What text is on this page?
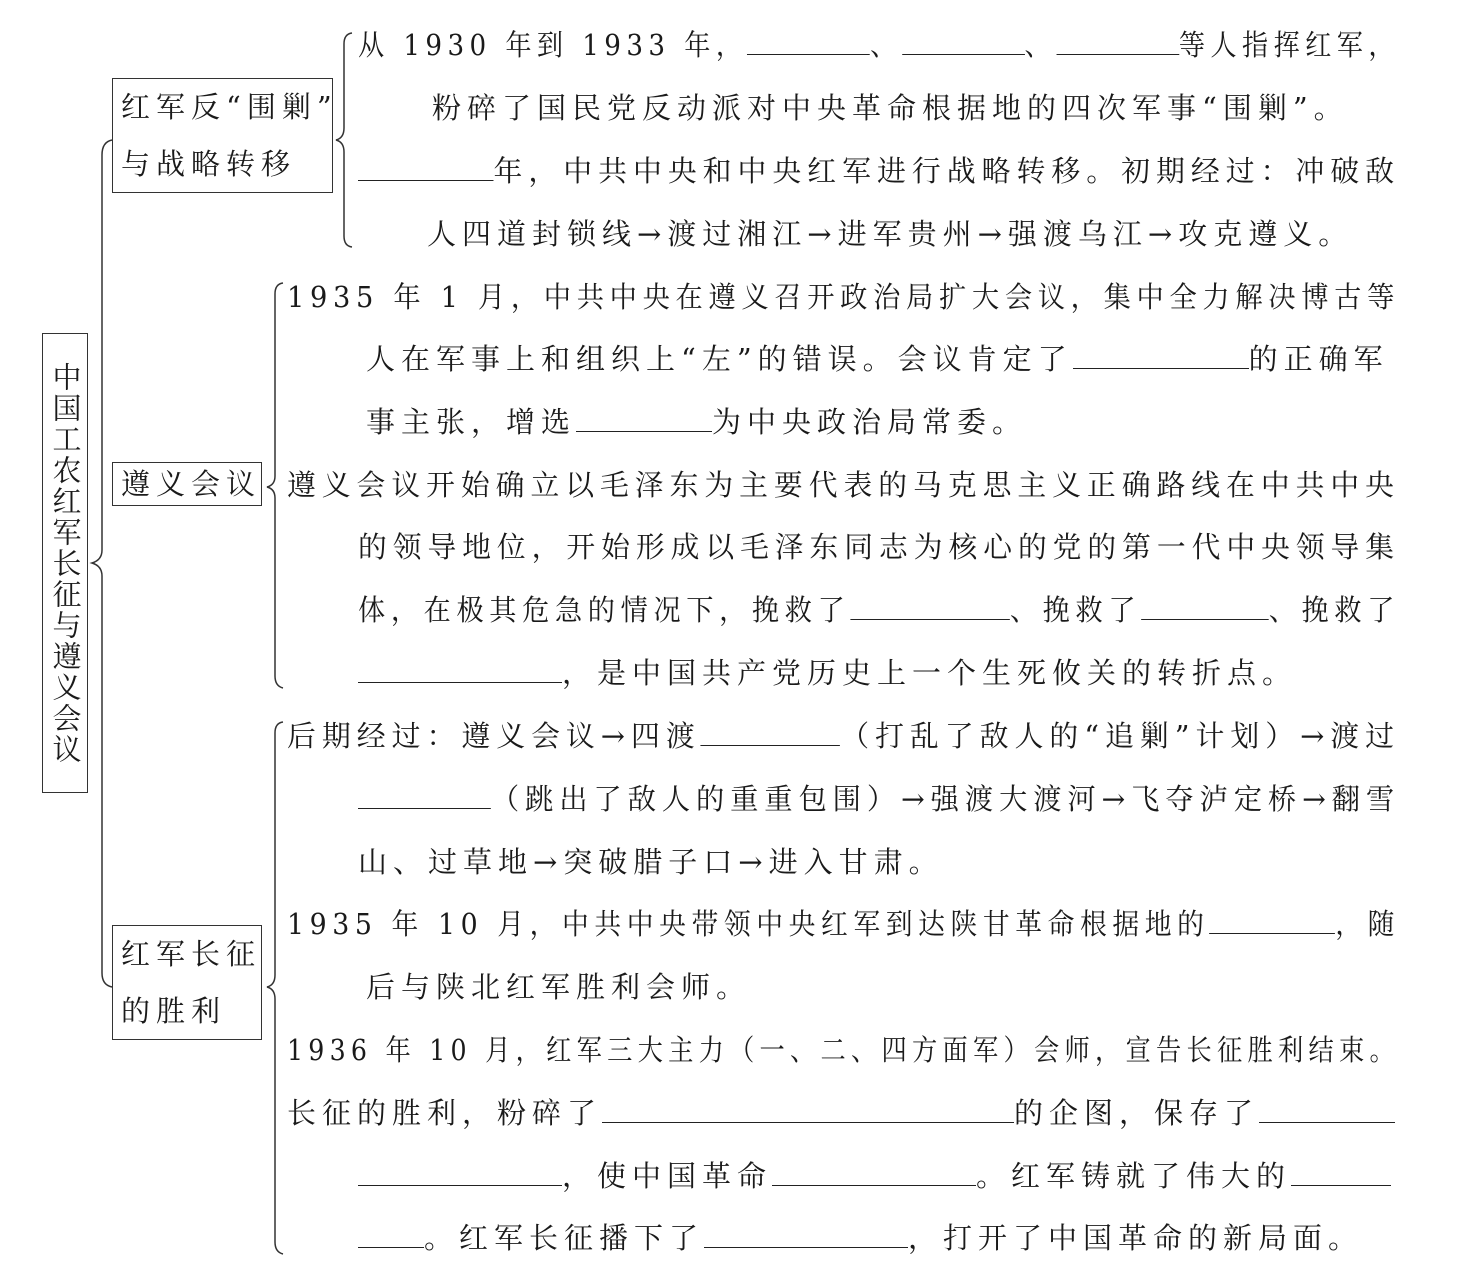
中国工农红军长征与遵义会议
红军反“围剿”
与战略转移
遵义会议
红军长征
的胜利
从 1930 年到 1933 年，	、	、	等人指挥红军，
粉碎了国民党反动派对中央革命根据地的四次军事“围剿”。
年，中共中央和中央红军进行战略转移。初期经过：冲破敌
人四道封锁线→渡过湘江→进军贵州→强渡乌江→攻克遵义。
1935 年 1 月，中共中央在遵义召开政治局扩大会议，集中全力解决博古等
人在军事上和组织上“左”的错误。会议肯定了	的正确军
事主张，增选	为中央政治局常委。
遵义会议开始确立以毛泽东为主要代表的马克思主义正确路线在中共中央
的领导地位，开始形成以毛泽东同志为核心的党的第一代中央领导集
体，在极其危急的情况下，挽救了	、挽救了	、挽救了
，是中国共产党历史上一个生死攸关的转折点。
后期经过：遵义会议→四渡	（打乱了敌人的“追剿”计划）→渡过
（跳出了敌人的重重包围）→强渡大渡河→飞夺泸定桥→翻雪
山、过草地→突破腊子口→进入甘肃。
1935 年 10 月，中共中央带领中央红军到达陕甘革命根据地的	，随
后与陕北红军胜利会师。
1936 年 10 月，红军三大主力（一、二、四方面军）会师，宣告长征胜利结束。
长征的胜利，粉碎了	的企图，保存了
，使中国革命	。红军铸就了伟大的
。红军长征播下了	，打开了中国革命的新局面。
